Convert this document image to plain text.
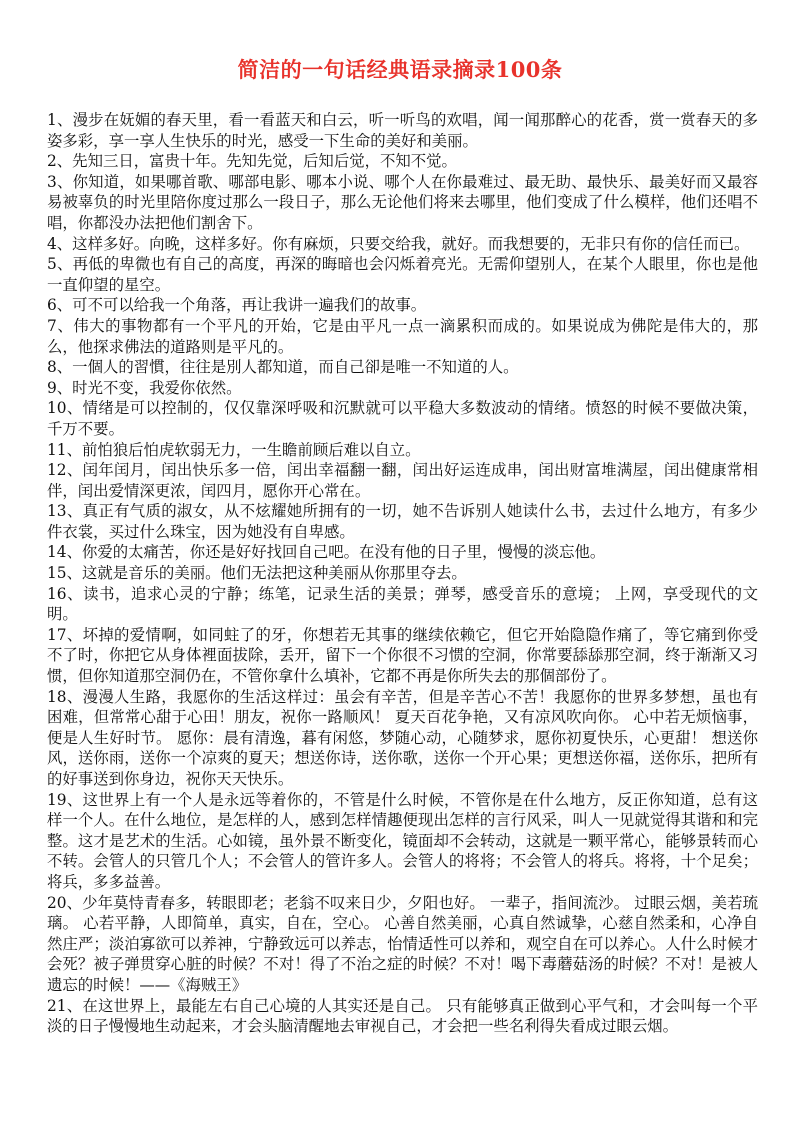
简洁的一句话经典语录摘录100条

1、漫步在妩媚的春天里，看一看蓝天和白云，听一听鸟的欢唱，闻一闻那醉心的花香，赏一赏春天的多姿多彩，享一享人生快乐的时光，感受一下生命的美好和美丽。

2、先知三日，富贵十年。先知先觉，后知后觉，不知不觉。

3、你知道，如果哪首歌、哪部电影、哪本小说、哪个人在你最难过、最无助、最快乐、最美好而又最容易被辜负的时光里陪你度过那么一段日子，那么无论他们将来去哪里，他们变成了什么模样，他们还唱不唱，你都没办法把他们割舍下。

4、这样多好。向晚，这样多好。你有麻烦，只要交给我，就好。而我想要的，无非只有你的信任而已。

5、再低的卑微也有自己的高度，再深的晦暗也会闪烁着亮光。无需仰望别人，在某个人眼里，你也是他一直仰望的星空。

6、可不可以给我一个角落，再让我讲一遍我们的故事。

7、伟大的事物都有一个平凡的开始，它是由平凡一点一滴累积而成的。如果说成为佛陀是伟大的，那么，他探求佛法的道路则是平凡的。

8、一個人的習慣，往往是別人都知道，而自己卻是唯一不知道的人。

9、时光不变，我爱你依然。

10、情绪是可以控制的，仅仅靠深呼吸和沉默就可以平稳大多数波动的情绪。愤怒的时候不要做决策，千万不要。

11、前怕狼后怕虎软弱无力，一生瞻前顾后难以自立。

12、闰年闰月，闰出快乐多一倍，闰出幸福翻一翻，闰出好运连成串，闰出财富堆满屋，闰出健康常相伴，闰出爱情深更浓，闰四月，愿你开心常在。

13、真正有气质的淑女，从不炫耀她所拥有的一切，她不告诉别人她读什么书，去过什么地方，有多少件衣裳，买过什么珠宝，因为她没有自卑感。

14、你爱的太痛苦，你还是好好找回自己吧。在没有他的日子里，慢慢的淡忘他。

15、这就是音乐的美丽。他们无法把这种美丽从你那里夺去。

16、读书，追求心灵的宁静；练笔，记录生活的美景；弹琴，感受音乐的意境； 上网，享受现代的文明。

17、坏掉的爱情啊，如同蛀了的牙，你想若无其事的继续依赖它，但它开始隐隐作痛了，等它痛到你受不了时，你把它从身体裡面拔除，丢开，留下一个你很不习惯的空洞，你常要舔舔那空洞，终于渐渐又习惯，但你知道那空洞仍在，不管你拿什么填补，它都不再是你所失去的那個部份了。

18、漫漫人生路，我愿你的生活这样过：虽会有辛苦，但是辛苦心不苦！我愿你的世界多梦想，虽也有困难，但常常心甜于心田！朋友，祝你一路顺风！ 夏天百花争艳，又有凉风吹向你。 心中若无烦恼事，便是人生好时节。 愿你：晨有清逸，暮有闲悠，梦随心动，心随梦求，愿你初夏快乐，心更甜！ 想送你风，送你雨，送你一个凉爽的夏天；想送你诗，送你歌，送你一个开心果；更想送你福，送你乐，把所有的好事送到你身边，祝你天天快乐。

19、这世界上有一个人是永远等着你的，不管是什么时候，不管你是在什么地方，反正你知道，总有这样一个人。在什么地位，是怎样的人，感到怎样情趣便现出怎样的言行风采，叫人一见就觉得其谐和和完整。这才是艺术的生活。心如镜，虽外景不断变化，镜面却不会转动，这就是一颗平常心，能够景转而心不转。会管人的只管几个人；不会管人的管许多人。会管人的将将；不会管人的将兵。将将，十个足矣；将兵，多多益善。

20、少年莫恃青春多，转眼即老；老翁不叹来日少，夕阳也好。 一辈子，指间流沙。 过眼云烟，美若琉璃。 心若平静，人即简单，真实，自在，空心。 心善自然美丽，心真自然诚挚，心慈自然柔和，心净自然庄严；淡泊寡欲可以养神，宁静致远可以养志，怡情适性可以养和，观空自在可以养心。人什么时候才会死？被子弹贯穿心脏的时候？不对！得了不治之症的时候？不对！喝下毒蘑菇汤的时候？不对！是被人遗忘的时候！——《海贼王》

21、在这世界上，最能左右自己心境的人其实还是自己。 只有能够真正做到心平气和，才会叫每一个平淡的日子慢慢地生动起来，才会头脑清醒地去审视自己，才会把一些名利得失看成过眼云烟。
